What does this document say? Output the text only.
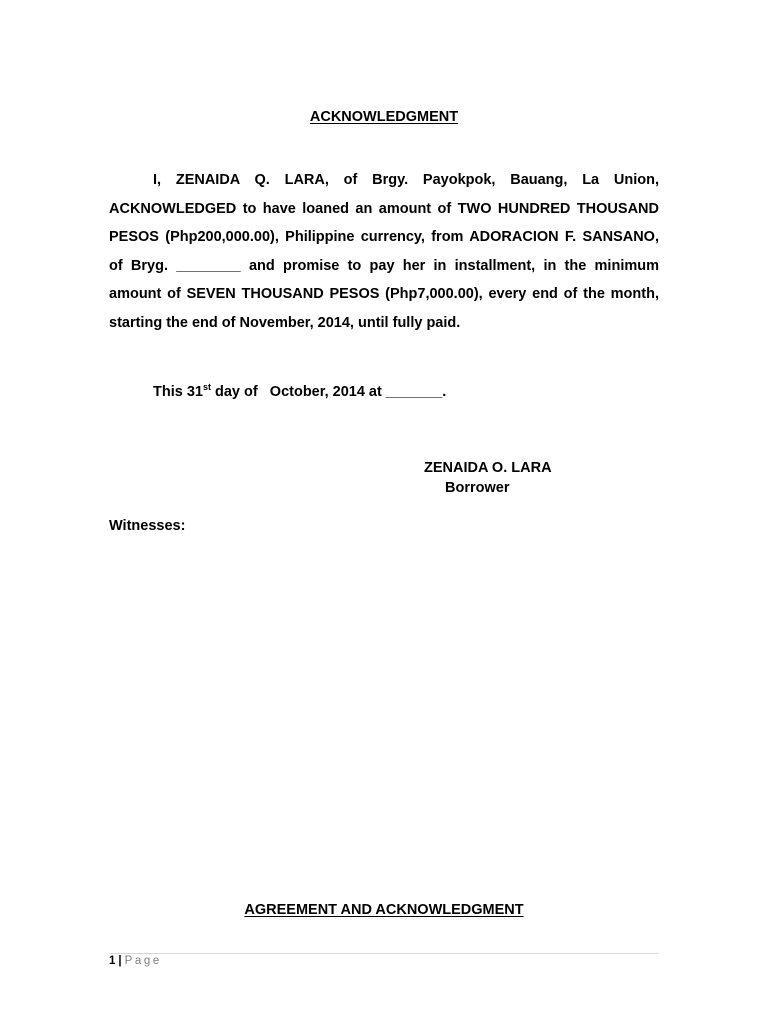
ACKNOWLEDGMENT

I, ZENAIDA Q. LARA, of Brgy. Payokpok, Bauang, La Union, ACKNOWLEDGED to have loaned an amount of TWO HUNDRED THOUSAND PESOS (Php200,000.00), Philippine currency, from ADORACION F. SANSANO, of Bryg. ________ and promise to pay her in installment, in the minimum amount of SEVEN THOUSAND PESOS (Php7,000.00), every end of the month, starting the end of November, 2014, until fully paid.

This 31st day of   October, 2014 at _______.
ZENAIDA O. LARA
Borrower
Witnesses:
AGREEMENT AND ACKNOWLEDGMENT
1 | Page
